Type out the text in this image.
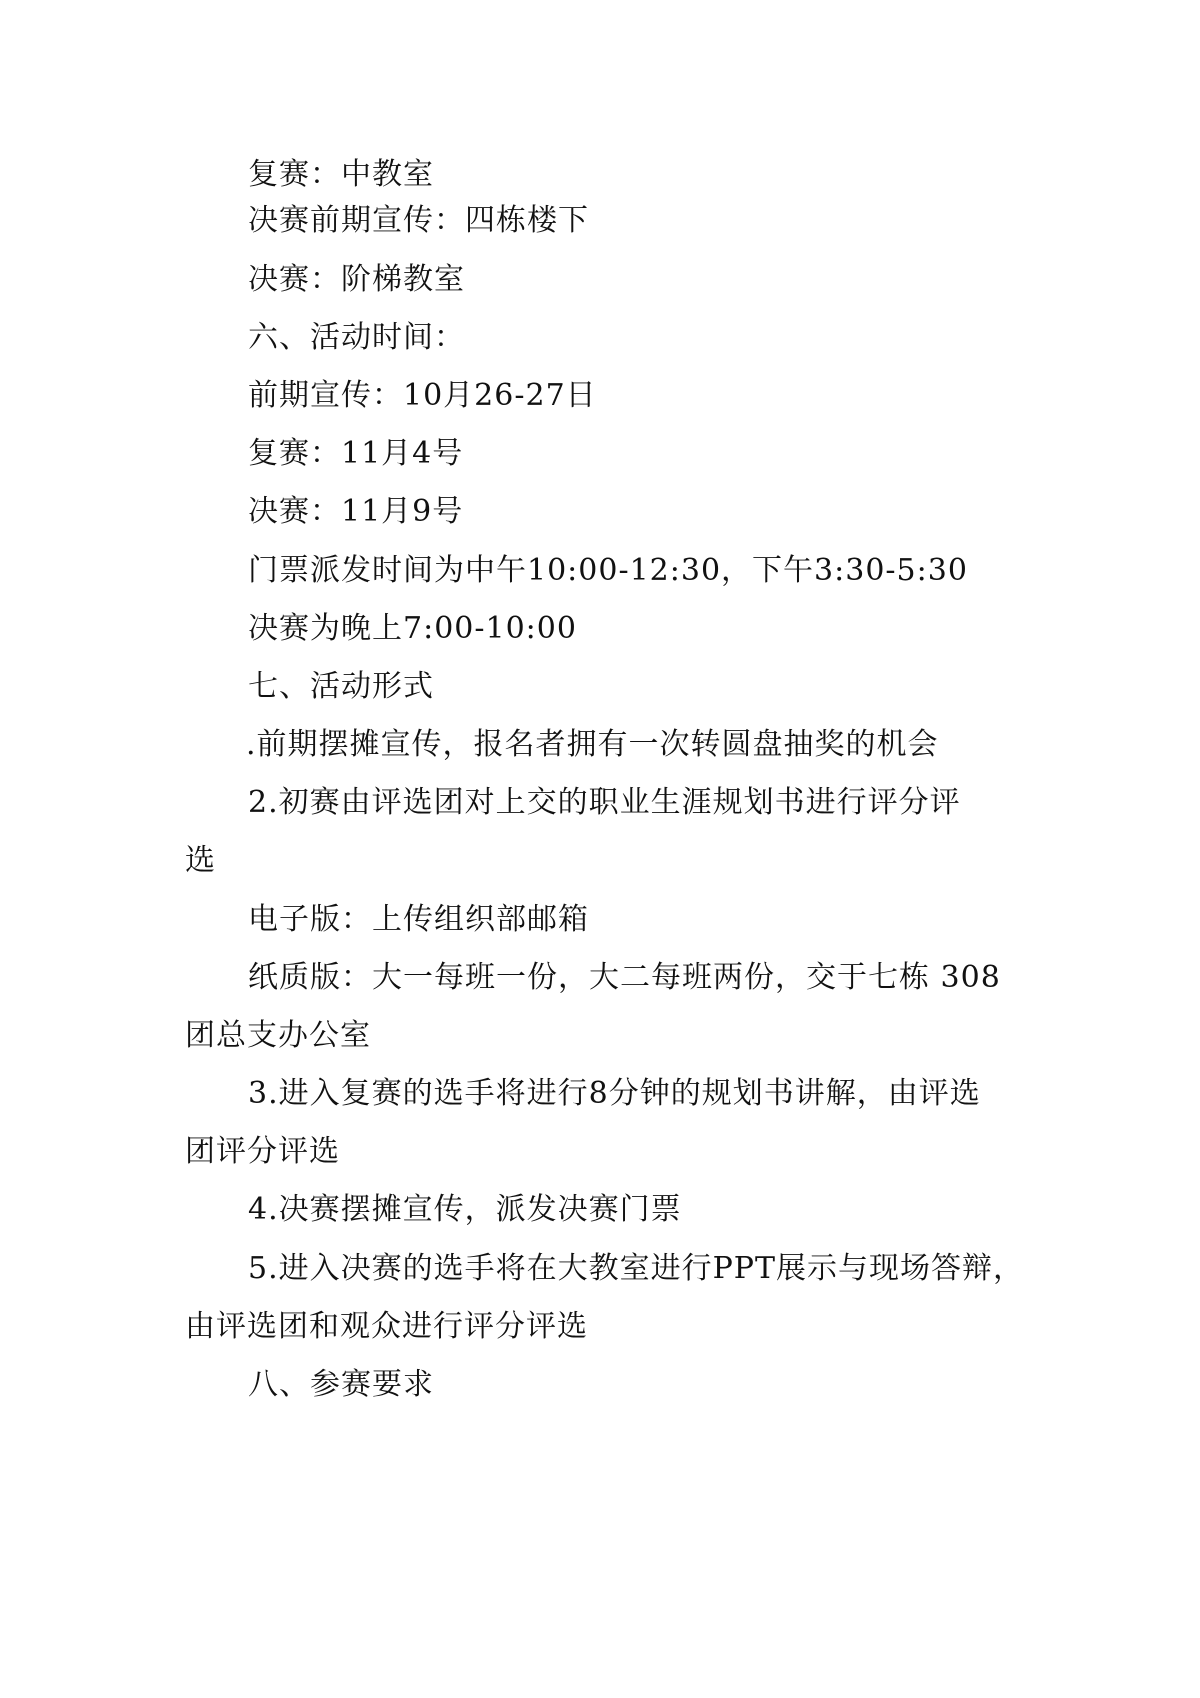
复赛：中教室
决赛前期宣传：四栋楼下
决赛：阶梯教室
六、活动时间：
前期宣传：10月26-27日
复赛：11月4号
决赛：11月9号
门票派发时间为中午10:00-12:30，下午3:30-5:30
决赛为晚上7:00-10:00
七、活动形式
.前期摆摊宣传，报名者拥有一次转圆盘抽奖的机会
2.初赛由评选团对上交的职业生涯规划书进行评分评
选
电子版：上传组织部邮箱
纸质版：大一每班一份，大二每班两份，交于七栋 308
团总支办公室
3.进入复赛的选手将进行8分钟的规划书讲解，由评选
团评分评选
4.决赛摆摊宣传，派发决赛门票
5.进入决赛的选手将在大教室进行PPT展示与现场答辩，
由评选团和观众进行评分评选
八、参赛要求
